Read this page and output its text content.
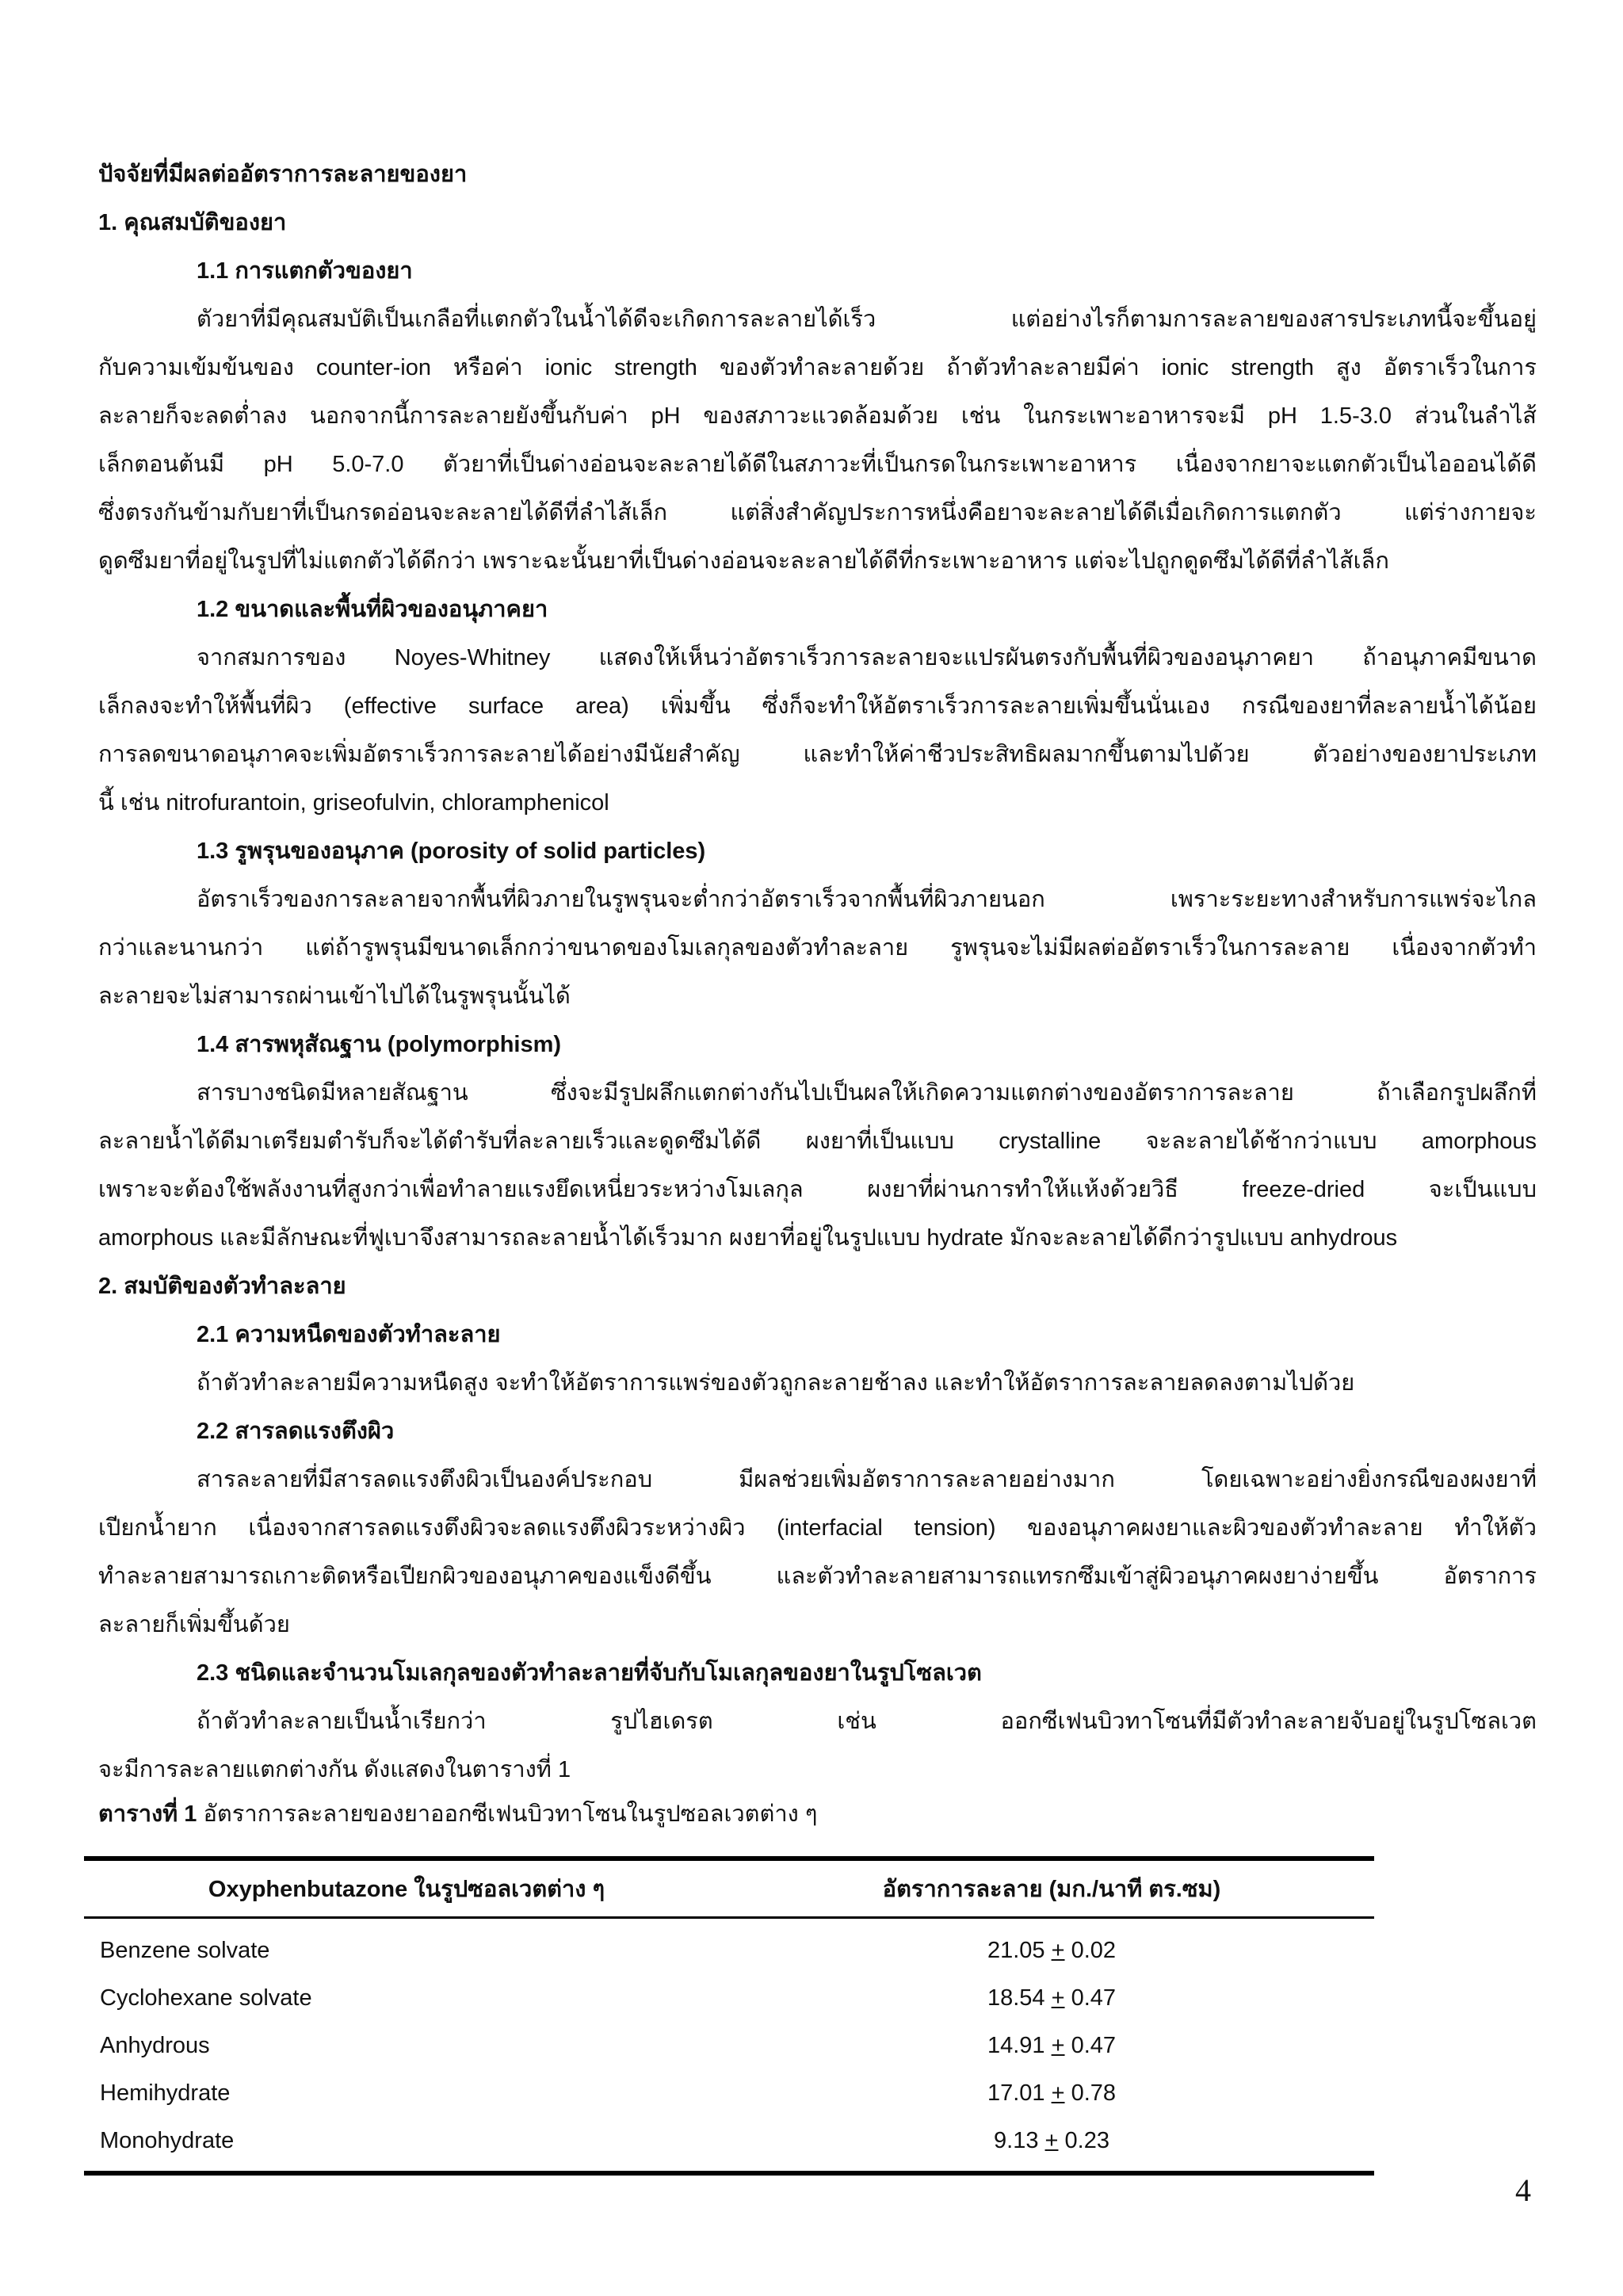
ปัจจัยที่มีผลต่ออัตราการละลายของยา
1. คุณสมบัติของยา
1.1 การแตกตัวของยา
ตัวยาที่มีคุณสมบัติเป็นเกลือที่แตกตัวในน้ำได้ดีจะเกิดการละลายได้เร็ว แต่อย่างไรก็ตามการละลายของสารประเภทนี้จะขึ้นอยู่
กับความเข้มข้นของ counter-ion หรือค่า ionic strength ของตัวทำละลายด้วย ถ้าตัวทำละลายมีค่า ionic strength สูง อัตราเร็วในการ
ละลายก็จะลดต่ำลง นอกจากนี้การละลายยังขึ้นกับค่า pH ของสภาวะแวดล้อมด้วย เช่น ในกระเพาะอาหารจะมี pH 1.5-3.0 ส่วนในลำไส้
เล็กตอนต้นมี pH 5.0-7.0 ตัวยาที่เป็นด่างอ่อนจะละลายได้ดีในสภาวะที่เป็นกรดในกระเพาะอาหาร เนื่องจากยาจะแตกตัวเป็นไอออนได้ดี
ซึ่งตรงกันข้ามกับยาที่เป็นกรดอ่อนจะละลายได้ดีที่ลำไส้เล็ก แต่สิ่งสำคัญประการหนึ่งคือยาจะละลายได้ดีเมื่อเกิดการแตกตัว แต่ร่างกายจะ
ดูดซึมยาที่อยู่ในรูปที่ไม่แตกตัวได้ดีกว่า เพราะฉะนั้นยาที่เป็นด่างอ่อนจะละลายได้ดีที่กระเพาะอาหาร แต่จะไปถูกดูดซึมได้ดีที่ลำไส้เล็ก
1.2 ขนาดและพื้นที่ผิวของอนุภาคยา
จากสมการของ Noyes-Whitney แสดงให้เห็นว่าอัตราเร็วการละลายจะแปรผันตรงกับพื้นที่ผิวของอนุภาคยา ถ้าอนุภาคมีขนาด
เล็กลงจะทำให้พื้นที่ผิว (effective surface area) เพิ่มขึ้น ซึ่งก็จะทำให้อัตราเร็วการละลายเพิ่มขึ้นนั่นเอง กรณีของยาที่ละลายน้ำได้น้อย
การลดขนาดอนุภาคจะเพิ่มอัตราเร็วการละลายได้อย่างมีนัยสำคัญ และทำให้ค่าชีวประสิทธิผลมากขึ้นตามไปด้วย ตัวอย่างของยาประเภท
นี้ เช่น nitrofurantoin, griseofulvin, chloramphenicol
1.3 รูพรุนของอนุภาค (porosity of solid particles)
อัตราเร็วของการละลายจากพื้นที่ผิวภายในรูพรุนจะต่ำกว่าอัตราเร็วจากพื้นที่ผิวภายนอก เพราะระยะทางสำหรับการแพร่จะไกล
กว่าและนานกว่า แต่ถ้ารูพรุนมีขนาดเล็กกว่าขนาดของโมเลกุลของตัวทำละลาย รูพรุนจะไม่มีผลต่ออัตราเร็วในการละลาย เนื่องจากตัวทำ
ละลายจะไม่สามารถผ่านเข้าไปได้ในรูพรุนนั้นได้
1.4 สารพหุสัณฐาน (polymorphism)
สารบางชนิดมีหลายสัณฐาน ซึ่งจะมีรูปผลึกแตกต่างกันไปเป็นผลให้เกิดความแตกต่างของอัตราการละลาย ถ้าเลือกรูปผลึกที่
ละลายน้ำได้ดีมาเตรียมตำรับก็จะได้ตำรับที่ละลายเร็วและดูดซึมได้ดี ผงยาที่เป็นแบบ crystalline จะละลายได้ช้ากว่าแบบ amorphous
เพราะจะต้องใช้พลังงานที่สูงกว่าเพื่อทำลายแรงยึดเหนี่ยวระหว่างโมเลกุล ผงยาที่ผ่านการทำให้แห้งด้วยวิธี freeze-dried จะเป็นแบบ
amorphous และมีลักษณะที่ฟูเบาจึงสามารถละลายน้ำได้เร็วมาก ผงยาที่อยู่ในรูปแบบ hydrate มักจะละลายได้ดีกว่ารูปแบบ anhydrous
2. สมบัติของตัวทำละลาย
2.1 ความหนืดของตัวทำละลาย
ถ้าตัวทำละลายมีความหนืดสูง จะทำให้อัตราการแพร่ของตัวถูกละลายช้าลง และทำให้อัตราการละลายลดลงตามไปด้วย
2.2 สารลดแรงตึงผิว
สารละลายที่มีสารลดแรงตึงผิวเป็นองค์ประกอบ มีผลช่วยเพิ่มอัตราการละลายอย่างมาก โดยเฉพาะอย่างยิ่งกรณีของผงยาที่
เปียกน้ำยาก เนื่องจากสารลดแรงตึงผิวจะลดแรงตึงผิวระหว่างผิว (interfacial tension) ของอนุภาคผงยาและผิวของตัวทำละลาย ทำให้ตัว
ทำละลายสามารถเกาะติดหรือเปียกผิวของอนุภาคของแข็งดีขึ้น และตัวทำละลายสามารถแทรกซึมเข้าสู่ผิวอนุภาคผงยาง่ายขึ้น อัตราการ
ละลายก็เพิ่มขึ้นด้วย
2.3 ชนิดและจำนวนโมเลกุลของตัวทำละลายที่จับกับโมเลกุลของยาในรูปโซลเวต
ถ้าตัวทำละลายเป็นน้ำเรียกว่า รูปไฮเดรต เช่น ออกซีเฟนบิวทาโซนที่มีตัวทำละลายจับอยู่ในรูปโซลเวต
จะมีการละลายแตกต่างกัน ดังแสดงในตารางที่ 1
ตารางที่ 1 อัตราการละลายของยาออกซีเฟนบิวทาโซนในรูปซอลเวตต่าง ๆ
Oxyphenbutazone ในรูปซอลเวตต่าง ๆ	อัตราการละลาย (มก./นาที ตร.ซม)
Benzene solvate	21.05 + 0.02
Cyclohexane solvate	18.54 + 0.47
Anhydrous	14.91 + 0.47
Hemihydrate	17.01 + 0.78
Monohydrate	9.13 + 0.23
4
